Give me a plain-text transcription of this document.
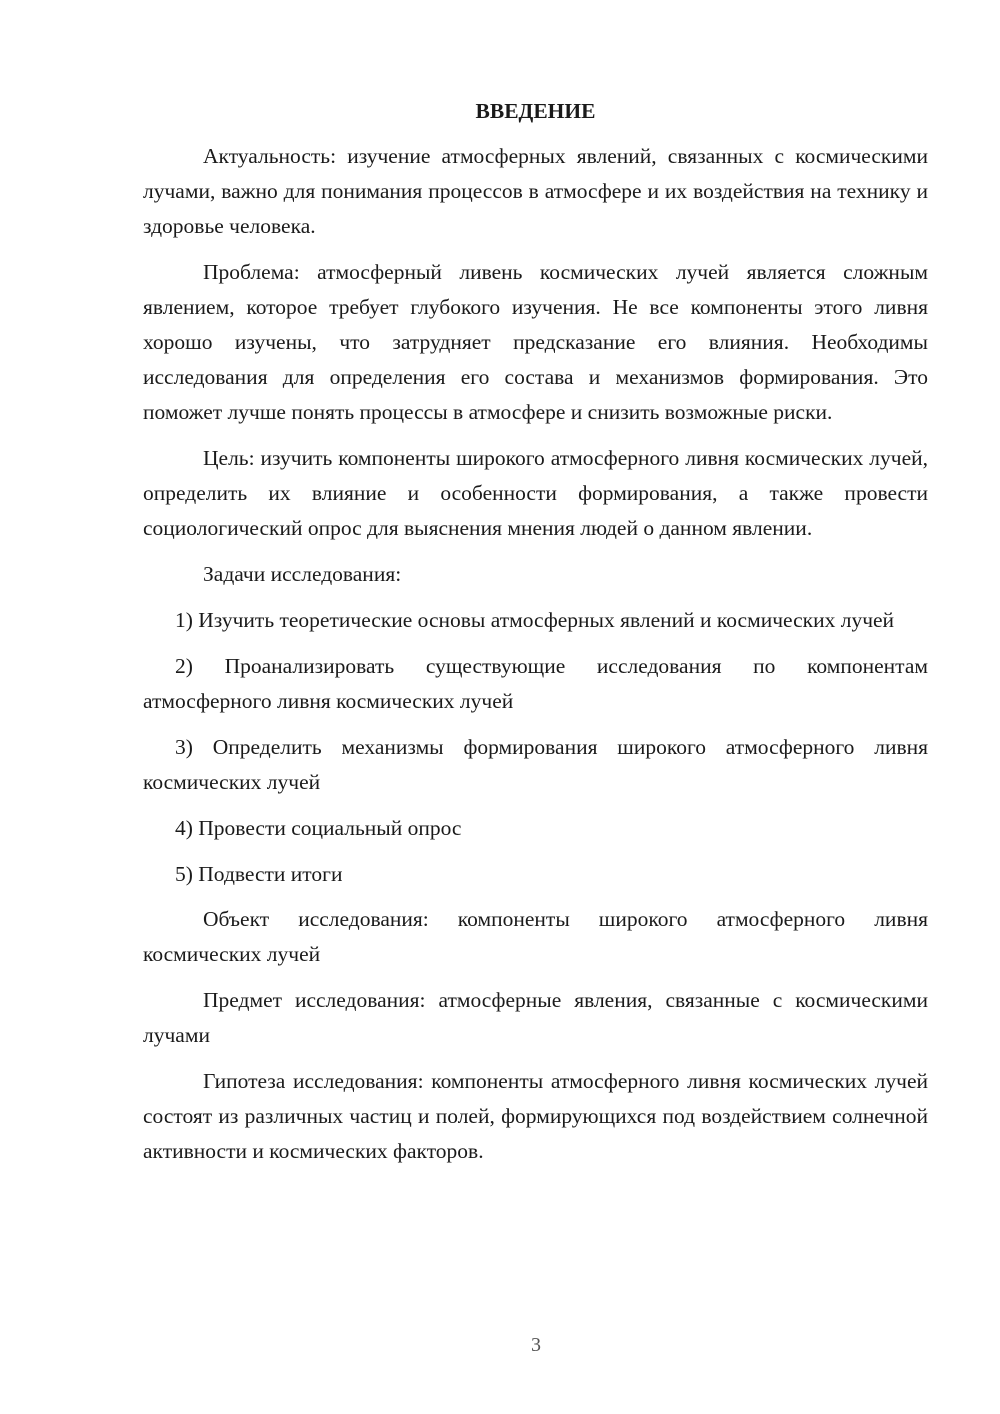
ВВЕДЕНИЕ

Актуальность: изучение атмосферных явлений, связанных с космическими лучами, важно для понимания процессов в атмосфере и их воздействия на технику и здоровье человека.

Проблема: атмосферный ливень космических лучей является сложным явлением, которое требует глубокого изучения. Не все компоненты этого ливня хорошо изучены, что затрудняет предсказание его влияния. Необходимы исследования для определения его состава и механизмов формирования. Это поможет лучше понять процессы в атмосфере и снизить возможные риски.

Цель: изучить компоненты широкого атмосферного ливня космических лучей, определить их влияние и особенности формирования, а также провести социологический опрос для выяснения мнения людей о данном явлении.

Задачи исследования:

1) Изучить теоретические основы атмосферных явлений и космических лучей

2) Проанализировать существующие исследования по компонентам атмосферного ливня космических лучей

3) Определить механизмы формирования широкого атмосферного ливня космических лучей

4) Провести социальный опрос

5) Подвести итоги

Объект исследования: компоненты широкого атмосферного ливня космических лучей

Предмет исследования: атмосферные явления, связанные с космическими лучами

Гипотеза исследования: компоненты атмосферного ливня космических лучей состоят из различных частиц и полей, формирующихся под воздействием солнечной активности и космических факторов.

3
